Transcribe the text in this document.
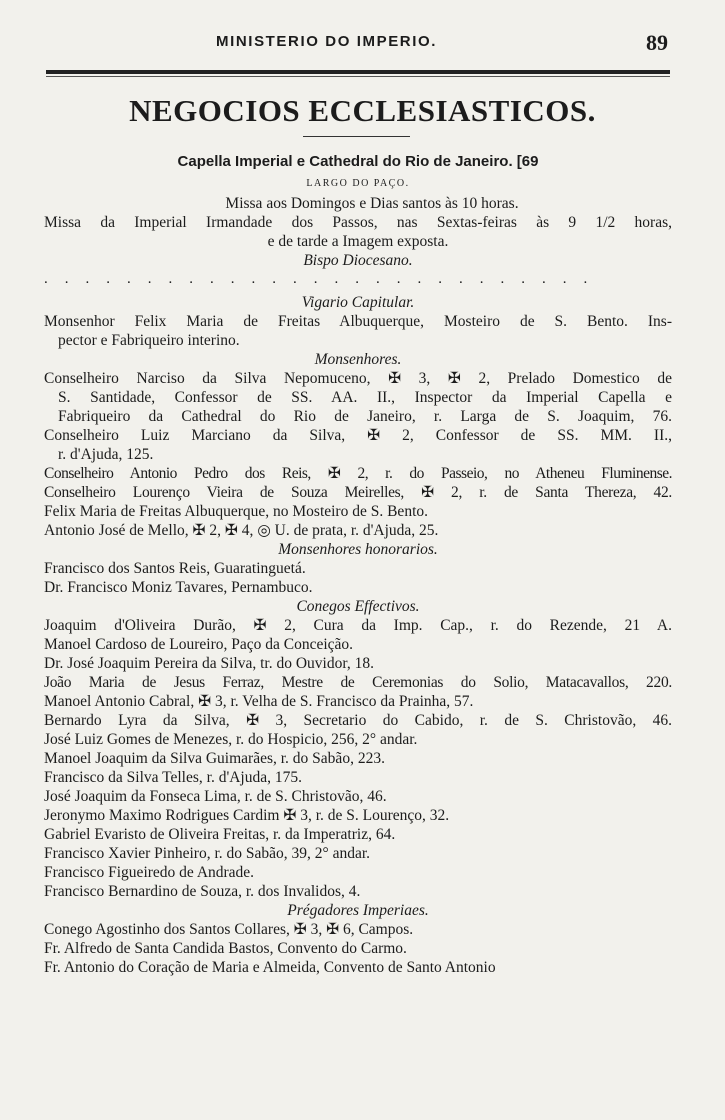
MINISTERIO DO IMPERIO.	89
NEGOCIOS ECCLESIASTICOS.
Capella Imperial e Cathedral do Rio de Janeiro. [69
LARGO DO PAÇO.
Missa aos Domingos e Dias santos às 10 horas.
Missa da Imperial Irmandade dos Passos, nas Sextas-feiras às 9 1/2 horas,
e de tarde a Imagem exposta.
Bispo Diocesano.
...........................
Vigario Capitular.
Monsenhor Felix Maria de Freitas Albuquerque, Mosteiro de S. Bento. Ins-
pector e Fabriqueiro interino.
Monsenhores.
Conselheiro Narciso da Silva Nepomuceno, ✠ 3, ✠ 2, Prelado Domestico de
S. Santidade, Confessor de SS. AA. II., Inspector da Imperial Capella e
Fabriqueiro da Cathedral do Rio de Janeiro, r. Larga de S. Joaquim, 76.
Conselheiro Luiz Marciano da Silva, ✠ 2, Confessor de SS. MM. II.,
r. d'Ajuda, 125.
Conselheiro Antonio Pedro dos Reis, ✠ 2, r. do Passeio, no Atheneu Fluminense.
Conselheiro Lourenço Vieira de Souza Meirelles, ✠ 2, r. de Santa Thereza, 42.
Felix Maria de Freitas Albuquerque, no Mosteiro de S. Bento.
Antonio José de Mello, ✠ 2, ✠ 4, ◎ U. de prata, r. d'Ajuda, 25.
Monsenhores honorarios.
Francisco dos Santos Reis, Guaratinguetá.
Dr. Francisco Moniz Tavares, Pernambuco.
Conegos Effectivos.
Joaquim d'Oliveira Durão, ✠ 2, Cura da Imp. Cap., r. do Rezende, 21 A.
Manoel Cardoso de Loureiro, Paço da Conceição.
Dr. José Joaquim Pereira da Silva, tr. do Ouvidor, 18.
João Maria de Jesus Ferraz, Mestre de Ceremonias do Solio, Matacavallos, 220.
Manoel Antonio Cabral, ✠ 3, r. Velha de S. Francisco da Prainha, 57.
Bernardo Lyra da Silva, ✠ 3, Secretario do Cabido, r. de S. Christovão, 46.
José Luiz Gomes de Menezes, r. do Hospicio, 256, 2° andar.
Manoel Joaquim da Silva Guimarães, r. do Sabão, 223.
Francisco da Silva Telles, r. d'Ajuda, 175.
José Joaquim da Fonseca Lima, r. de S. Christovão, 46.
Jeronymo Maximo Rodrigues Cardim ✠ 3, r. de S. Lourenço, 32.
Gabriel Evaristo de Oliveira Freitas, r. da Imperatriz, 64.
Francisco Xavier Pinheiro, r. do Sabão, 39, 2° andar.
Francisco Figueiredo de Andrade.
Francisco Bernardino de Souza, r. dos Invalidos, 4.
Prégadores Imperiaes.
Conego Agostinho dos Santos Collares, ✠ 3, ✠ 6, Campos.
Fr. Alfredo de Santa Candida Bastos, Convento do Carmo.
Fr. Antonio do Coração de Maria e Almeida, Convento de Santo Antonio
